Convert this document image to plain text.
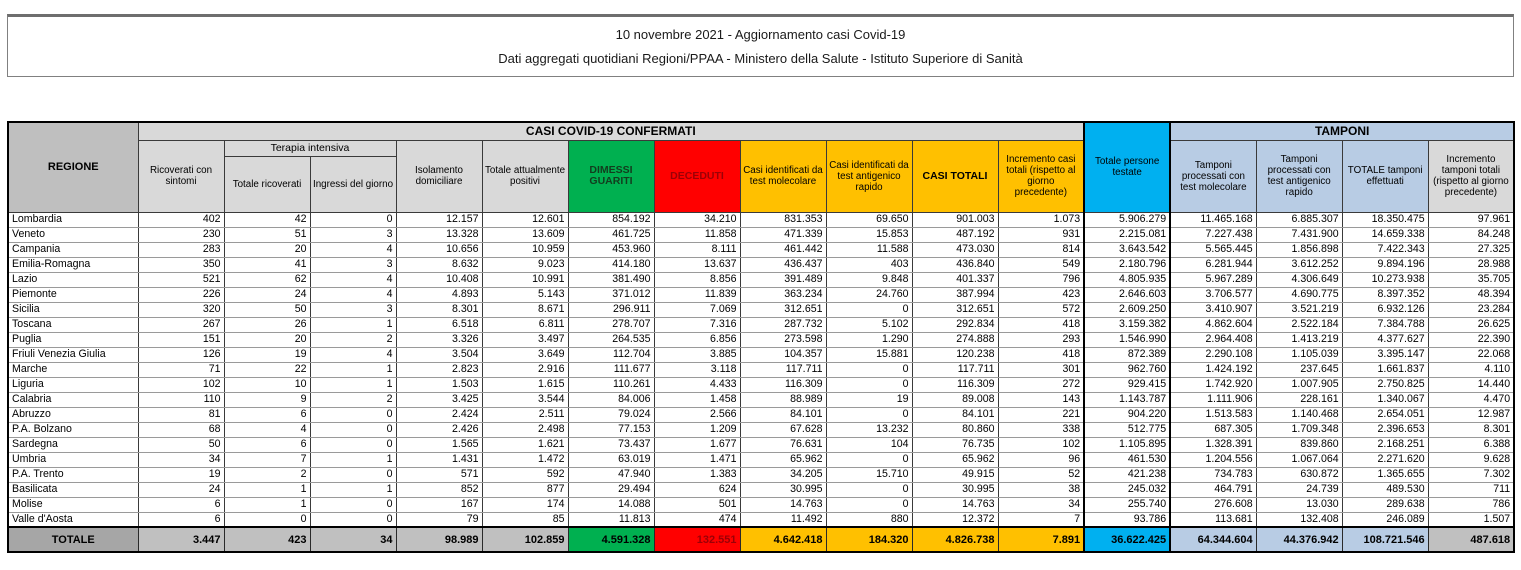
10 novembre 2021 - Aggiornamento casi Covid-19
Dati aggregati quotidiani Regioni/PPAA - Ministero della Salute - Istituto Superiore di Sanità
REGIONE	CASI COVID-19 CONFERMATI											Totale persone testate	TAMPONI			
	Ricoverati con sintomi	Terapia intensiva		Isolamento domiciliare	Totale attualmente positivi	DIMESSI GUARITI	DECEDUTI	Casi identificati da test molecolare	Casi identificati da test antigenico rapido	CASI TOTALI	Incremento casi totali (rispetto al giorno precedente)		Tamponi processati con test molecolare	Tamponi processati con test antigenico rapido	TOTALE tamponi effettuati	Incremento tamponi totali (rispetto al giorno precedente)
		Totale ricoverati	Ingressi del giorno													
Lombardia	402	42	0	12.157	12.601	854.192	34.210	831.353	69.650	901.003	1.073	5.906.279	11.465.168	6.885.307	18.350.475	97.961
Veneto	230	51	3	13.328	13.609	461.725	11.858	471.339	15.853	487.192	931	2.215.081	7.227.438	7.431.900	14.659.338	84.248
Campania	283	20	4	10.656	10.959	453.960	8.111	461.442	11.588	473.030	814	3.643.542	5.565.445	1.856.898	7.422.343	27.325
Emilia-Romagna	350	41	3	8.632	9.023	414.180	13.637	436.437	403	436.840	549	2.180.796	6.281.944	3.612.252	9.894.196	28.988
Lazio	521	62	4	10.408	10.991	381.490	8.856	391.489	9.848	401.337	796	4.805.935	5.967.289	4.306.649	10.273.938	35.705
Piemonte	226	24	4	4.893	5.143	371.012	11.839	363.234	24.760	387.994	423	2.646.603	3.706.577	4.690.775	8.397.352	48.394
Sicilia	320	50	3	8.301	8.671	296.911	7.069	312.651	0	312.651	572	2.609.250	3.410.907	3.521.219	6.932.126	23.284
Toscana	267	26	1	6.518	6.811	278.707	7.316	287.732	5.102	292.834	418	3.159.382	4.862.604	2.522.184	7.384.788	26.625
Puglia	151	20	2	3.326	3.497	264.535	6.856	273.598	1.290	274.888	293	1.546.990	2.964.408	1.413.219	4.377.627	22.390
Friuli Venezia Giulia	126	19	4	3.504	3.649	112.704	3.885	104.357	15.881	120.238	418	872.389	2.290.108	1.105.039	3.395.147	22.068
Marche	71	22	1	2.823	2.916	111.677	3.118	117.711	0	117.711	301	962.760	1.424.192	237.645	1.661.837	4.110
Liguria	102	10	1	1.503	1.615	110.261	4.433	116.309	0	116.309	272	929.415	1.742.920	1.007.905	2.750.825	14.440
Calabria	110	9	2	3.425	3.544	84.006	1.458	88.989	19	89.008	143	1.143.787	1.111.906	228.161	1.340.067	4.470
Abruzzo	81	6	0	2.424	2.511	79.024	2.566	84.101	0	84.101	221	904.220	1.513.583	1.140.468	2.654.051	12.987
P.A. Bolzano	68	4	0	2.426	2.498	77.153	1.209	67.628	13.232	80.860	338	512.775	687.305	1.709.348	2.396.653	8.301
Sardegna	50	6	0	1.565	1.621	73.437	1.677	76.631	104	76.735	102	1.105.895	1.328.391	839.860	2.168.251	6.388
Umbria	34	7	1	1.431	1.472	63.019	1.471	65.962	0	65.962	96	461.530	1.204.556	1.067.064	2.271.620	9.628
P.A. Trento	19	2	0	571	592	47.940	1.383	34.205	15.710	49.915	52	421.238	734.783	630.872	1.365.655	7.302
Basilicata	24	1	1	852	877	29.494	624	30.995	0	30.995	38	245.032	464.791	24.739	489.530	711
Molise	6	1	0	167	174	14.088	501	14.763	0	14.763	34	255.740	276.608	13.030	289.638	786
Valle d'Aosta	6	0	0	79	85	11.813	474	11.492	880	12.372	7	93.786	113.681	132.408	246.089	1.507
TOTALE	3.447	423	34	98.989	102.859	4.591.328	132.551	4.642.418	184.320	4.826.738	7.891	36.622.425	64.344.604	44.376.942	108.721.546	487.618
